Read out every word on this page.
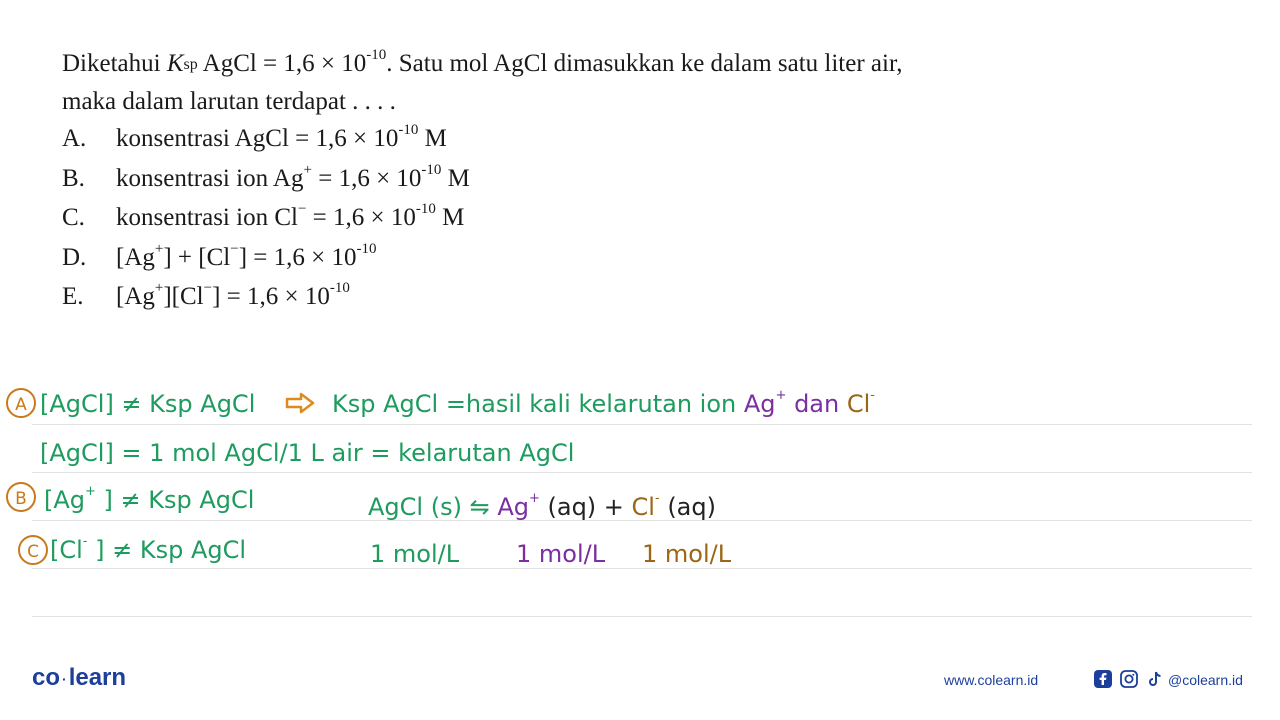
Diketahui $K_{sp}$ AgCl = $1,6 \times 10^{-10}$. Satu mol AgCl dimasukkan ke dalam satu liter air,
maka dalam larutan terdapat . . . .
A. konsentrasi AgCl = $1,6 \times 10^{-10}$ M
B. konsentrasi ion $Ag^+ = 1,6 \times 10^{-10}$ M
C. konsentrasi ion $Cl^- = 1,6 \times 10^{-10}$ M
D. $[Ag^+] + [Cl^-] = 1,6 \times 10^{-10}$
E. $[Ag^+][Cl^-] = 1,6 \times 10^{-10}$
A [AgCl] ≠ Ksp AgCl	Ksp AgCl =hasil kali kelarutan ion Ag+ dan Cl-
[AgCl] = 1 mol AgCl/1 L air = kelarutan AgCl
B [Ag+ ] ≠ Ksp AgCl	AgCl (s) ⇋ Ag+ (aq) + Cl- (aq)
C [Cl- ] ≠ Ksp AgCl	1 mol/L 1 mol/L 1 mol/L
co ·learn	www.colearn.id	@colearn.id
